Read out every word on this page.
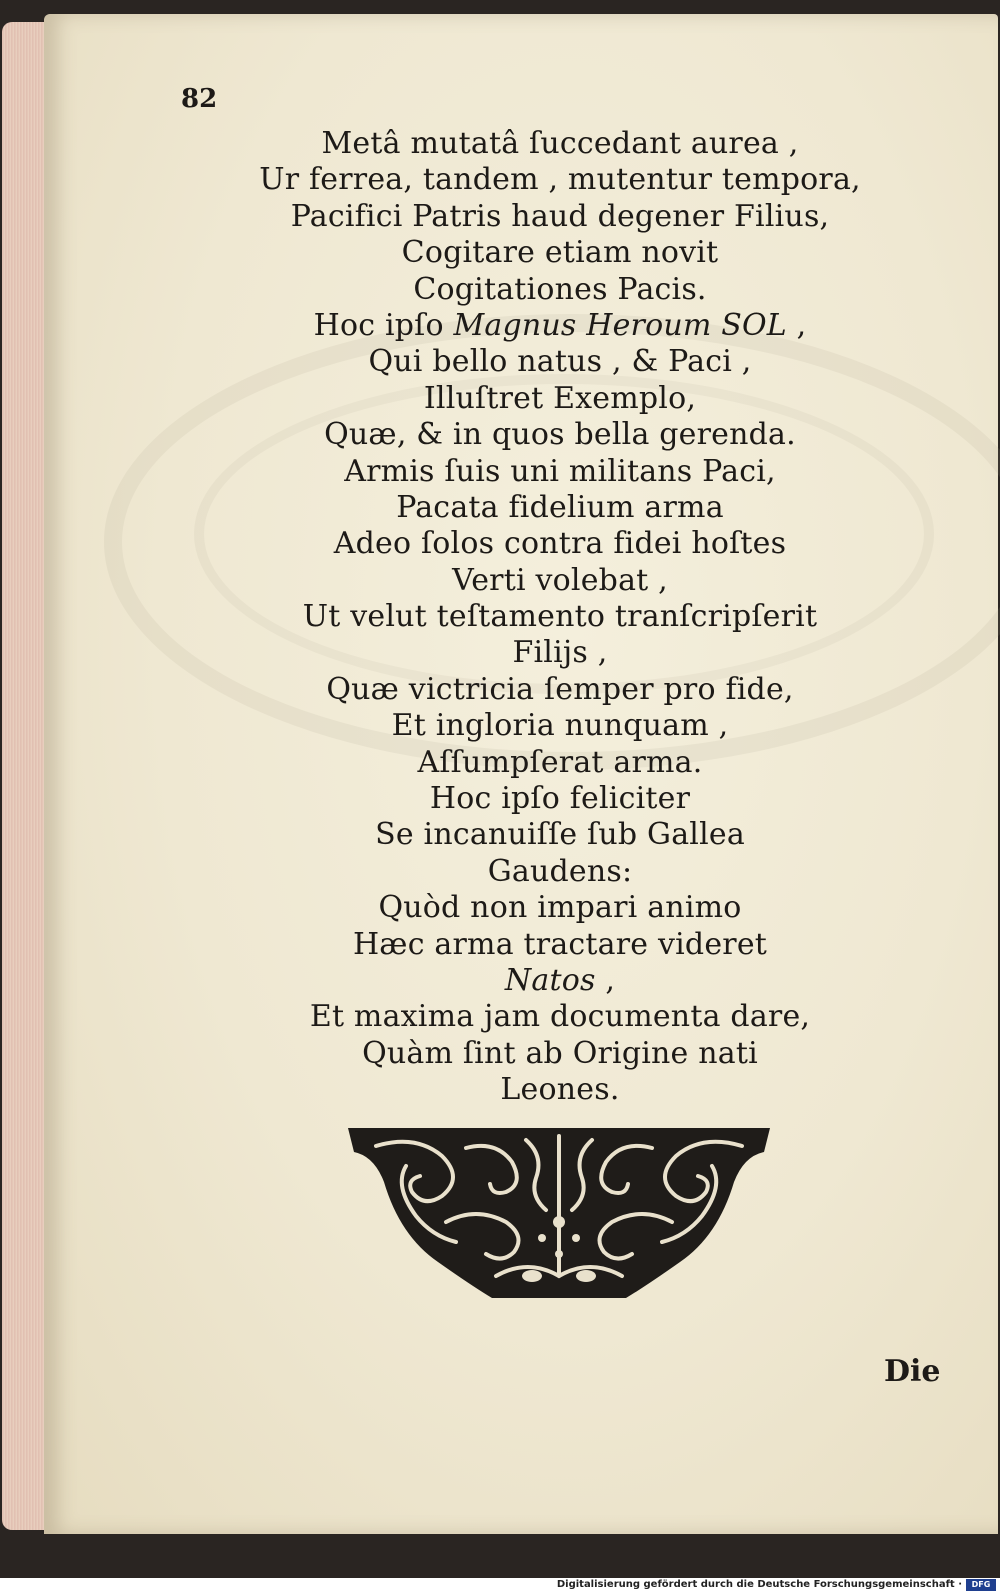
82
Metâ mutatâ ſuccedant aurea ,
Ur ferrea, tandem , mutentur tempora,
Pacifici Patris haud degener Filius,
Cogitare etiam novit
Cogitationes Pacis.
Hoc ipſo Magnus Heroum SOL ,
Qui bello natus , & Paci ,
Illuſtret Exemplo,
Quæ, & in quos bella gerenda.
Armis ſuis uni militans Paci,
Pacata fidelium arma
Adeo ſolos contra fidei hoſtes
Verti volebat ,
Ut velut teſtamento tranſcripſerit
Filijs ,
Quæ victricia ſemper pro fide,
Et ingloria nunquam ,
Aſſumpſerat arma.
Hoc ipſo feliciter
Se incanuiſſe ſub Gallea
Gaudens:
Quòd non impari animo
Hæc arma tractare videret
Natos ,
Et maxima jam documenta dare,
Quàm ſint ab Origine nati
Leones.
Die
Digitalisierung gefördert durch die Deutsche Forschungsgemeinschaft ·	DFG
